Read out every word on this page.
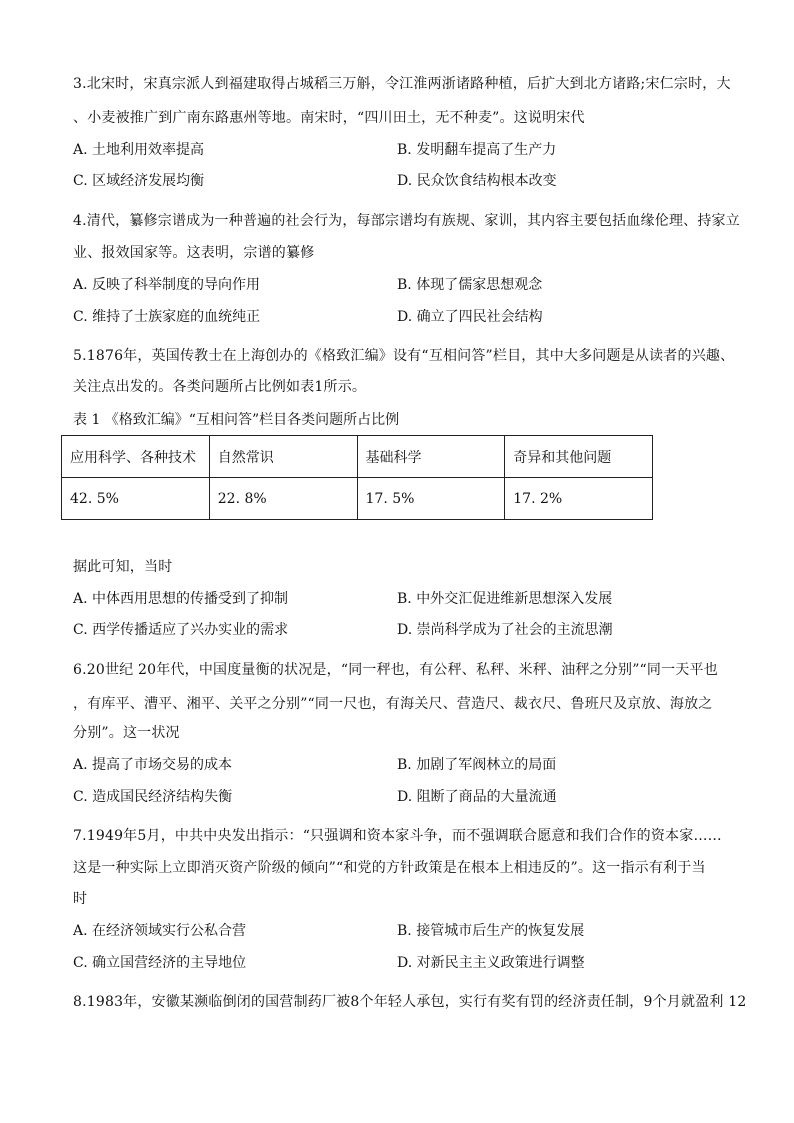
3.北宋时，宋真宗派人到福建取得占城稻三万斛，令江淮两浙诸路种植，后扩大到北方诸路;宋仁宗时，大
、小麦被推广到广南东路惠州等地。南宋时，“四川田土，无不种麦”。这说明宋代
A. 土地利用效率提高	B. 发明翻车提高了生产力
C. 区域经济发展均衡	D. 民众饮食结构根本改变
4.清代，纂修宗谱成为一种普遍的社会行为，每部宗谱均有族规、家训，其内容主要包括血缘伦理、持家立
业、报效国家等。这表明，宗谱的纂修
A. 反映了科举制度的导向作用	B. 体现了儒家思想观念
C. 维持了士族家庭的血统纯正	D. 确立了四民社会结构
5.1876年，英国传教士在上海创办的《格致汇编》设有“互相问答”栏目，其中大多问题是从读者的兴趣、
关注点出发的。各类问题所占比例如表1所示。
表 1 《格致汇编》“互相问答”栏目各类问题所占比例
应用科学、各种技术	自然常识	基础科学	奇异和其他问题
42. 5%	22. 8%	17. 5%	17. 2%
据此可知，当时
A. 中体西用思想的传播受到了抑制	B. 中外交汇促进维新思想深入发展
C. 西学传播适应了兴办实业的需求	D. 崇尚科学成为了社会的主流思潮
6.20世纪 20年代，中国度量衡的状况是，“同一秤也，有公秤、私秤、米秤、油秤之分别”“同一天平也
，有库平、漕平、湘平、关平之分别”“同一尺也，有海关尺、营造尺、裁衣尺、鲁班尺及京放、海放之
分别”。这一状况
A. 提高了市场交易的成本	B. 加剧了军阀林立的局面
C. 造成国民经济结构失衡	D. 阻断了商品的大量流通
7.1949年5月，中共中央发出指示：“只强调和资本家斗争，而不强调联合愿意和我们合作的资本家……
这是一种实际上立即消灭资产阶级的倾向”“和党的方针政策是在根本上相违反的”。这一指示有利于当
时
A. 在经济领域实行公私合营	B. 接管城市后生产的恢复发展
C. 确立国营经济的主导地位	D. 对新民主主义政策进行调整
8.1983年，安徽某濒临倒闭的国营制药厂被8个年轻人承包，实行有奖有罚的经济责任制，9个月就盈利 12
